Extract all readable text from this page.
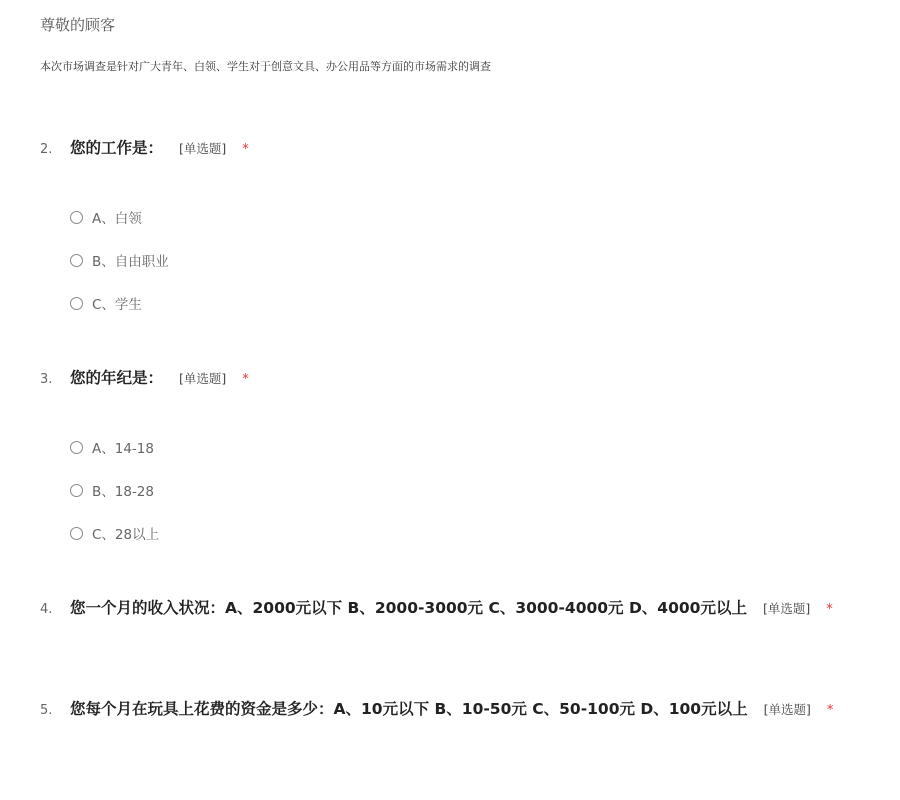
尊敬的顾客
本次市场调查是针对广大青年、白领、学生对于创意文具、办公用品等方面的市场需求的调查
2.	您的工作是： [单选题] *
A、白领
B、自由职业
C、学生
3.	您的年纪是： [单选题] *
A、14-18
B、18-28
C、28以上
4.	您一个月的收入状况：A、2000元以下 B、2000-3000元 C、3000-4000元 D、4000元以上 [单选题] *
5.	您每个月在玩具上花费的资金是多少：A、10元以下 B、10-50元 C、50-100元 D、100元以上 [单选题] *
